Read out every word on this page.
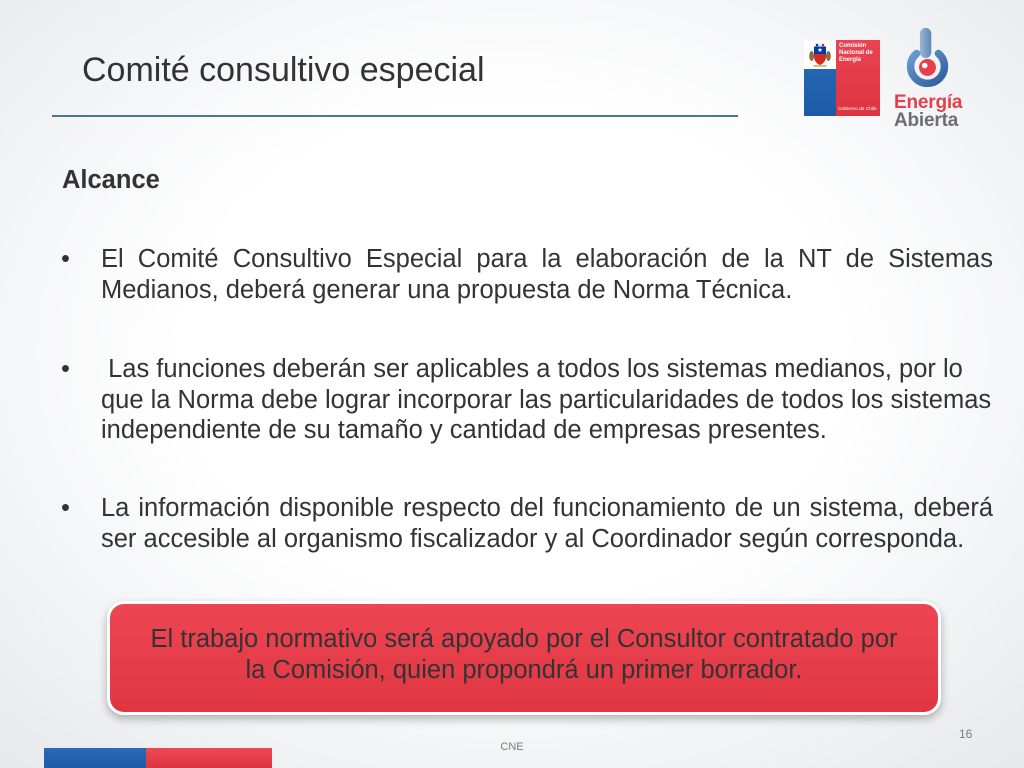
Comité consultivo especial
Comisión
Nacional de
Energía
Gobierno de Chile Energía
Abierta
Alcance
• El Comité Consultivo Especial para la elaboración de la NT de Sistemas
Medianos, deberá generar una propuesta de Norma Técnica.
• Las funciones deberán ser aplicables a todos los sistemas medianos, por lo
que la Norma debe lograr incorporar las particularidades de todos los sistemas
independiente de su tamaño y cantidad de empresas presentes.
• La información disponible respecto del funcionamiento de un sistema, deberá
ser accesible al organismo fiscalizador y al Coordinador según corresponda.
El trabajo normativo será apoyado por el Consultor contratado por
la Comisión, quien propondrá un primer borrador.
16
CNE
